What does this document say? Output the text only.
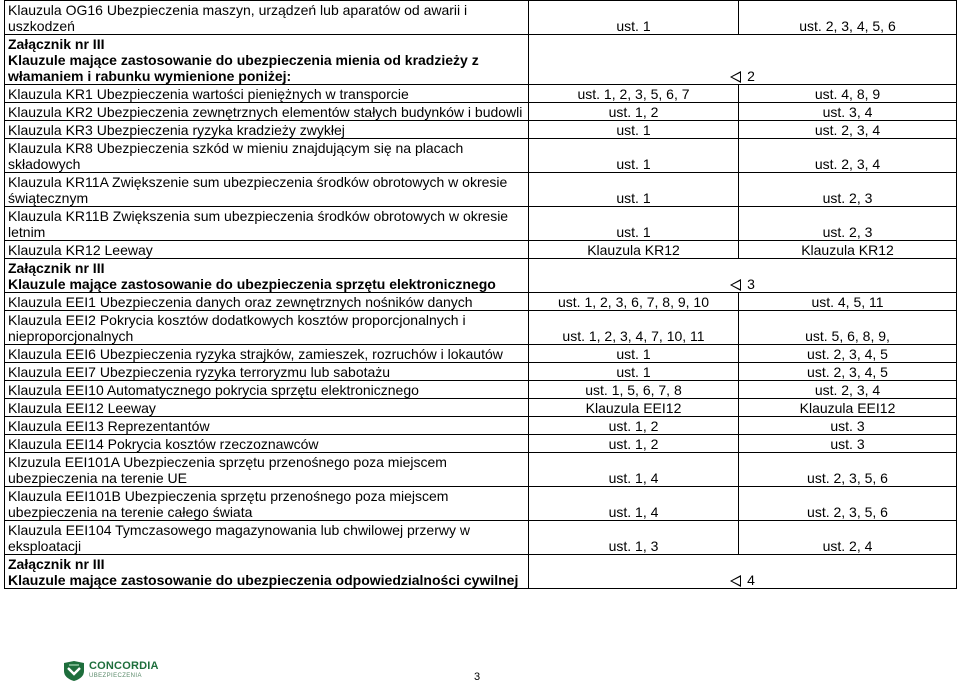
Klauzula OG16 Ubezpieczenia maszyn, urządzeń lub aparatów od awarii i uszkodzeń	ust. 1	ust. 2, 3, 4, 5, 6

Załącznik nr III
Klauzule mające zastosowanie do ubezpieczenia mienia od kradzieży z włamaniem i rabunku wymienione poniżej:	2	
Klauzula KR1 Ubezpieczenia wartości pieniężnych w transporcie	ust. 1, 2, 3, 5, 6, 7	ust. 4, 8, 9
Klauzula KR2 Ubezpieczenia zewnętrznych elementów stałych budynków i budowli	ust. 1, 2	ust. 3, 4
Klauzula KR3 Ubezpieczenia ryzyka kradzieży zwykłej	ust. 1	ust. 2, 3, 4
Klauzula KR8 Ubezpieczenia szkód w mieniu znajdującym się na placach składowych	ust. 1	ust. 2, 3, 4
Klauzula KR11A Zwiększenie sum ubezpieczenia środków obrotowych w okresie świątecznym	ust. 1	ust. 2, 3
Klauzula KR11B Zwiększenia sum ubezpieczenia środków obrotowych w okresie letnim	ust. 1	ust. 2, 3
Klauzula KR12 Leeway	Klauzula KR12	Klauzula KR12

Załącznik nr III
Klauzule mające zastosowanie do ubezpieczenia sprzętu elektronicznego	3	
Klauzula EEI1 Ubezpieczenia danych oraz zewnętrznych nośników danych	ust. 1, 2, 3, 6, 7, 8, 9, 10	ust. 4, 5, 11
Klauzula EEI2 Pokrycia kosztów dodatkowych kosztów proporcjonalnych i nieproporcjonalnych	ust. 1, 2, 3, 4, 7, 10, 11	ust. 5, 6, 8, 9,
Klauzula EEI6 Ubezpieczenia ryzyka strajków, zamieszek, rozruchów i lokautów	ust. 1	ust. 2, 3, 4, 5
Klauzula EEI7 Ubezpieczenia ryzyka terroryzmu lub sabotażu	ust. 1	ust. 2, 3, 4, 5
Klauzula EEI10 Automatycznego pokrycia sprzętu elektronicznego	ust. 1, 5, 6, 7, 8	ust. 2, 3, 4
Klauzula EEI12 Leeway	Klauzula EEI12	Klauzula EEI12
Klauzula EEI13 Reprezentantów	ust. 1, 2	ust. 3
Klauzula EEI14 Pokrycia kosztów rzeczoznawców	ust. 1, 2	ust. 3
Klzuzula EEI101A Ubezpieczenia sprzętu przenośnego poza miejscem ubezpieczenia na terenie UE	ust. 1, 4	ust. 2, 3, 5, 6
Klauzula EEI101B Ubezpieczenia sprzętu przenośnego poza miejscem ubezpieczenia na terenie całego świata	ust. 1, 4	ust. 2, 3, 5, 6
Klauzula EEI104 Tymczasowego magazynowania lub chwilowej przerwy w eksploatacji	ust. 1, 3	ust. 2, 4

Załącznik nr III
Klauzule mające zastosowanie do ubezpieczenia odpowiedzialności cywilnej	4	
CONCORDIA
UBEZPIECZENIA	3
